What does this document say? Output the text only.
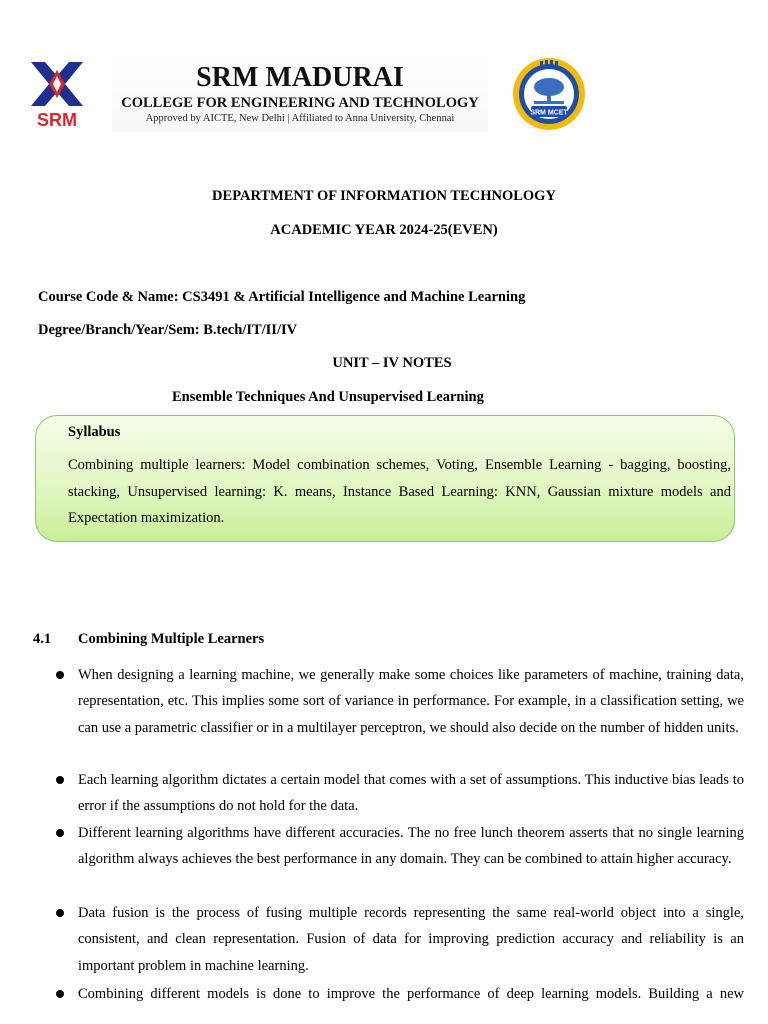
SRM
SRM MADURAI
COLLEGE FOR ENGINEERING AND TECHNOLOGY
Approved by AICTE, New Delhi | Affiliated to Anna University, Chennai	SRM MCET
DEPARTMENT OF INFORMATION TECHNOLOGY
ACADEMIC YEAR 2024-25(EVEN)
Course Code & Name: CS3491 & Artificial Intelligence and Machine Learning
Degree/Branch/Year/Sem: B.tech/IT/II/IV
UNIT – IV NOTES
Ensemble Techniques And Unsupervised Learning
Syllabus
Combining multiple learners: Model combination schemes, Voting, Ensemble Learning - bagging, boosting, stacking, Unsupervised learning: K. means, Instance Based Learning: KNN, Gaussian mixture models and Expectation maximization.
4.1 Combining Multiple Learners
When designing a learning machine, we generally make some choices like parameters of machine, training data, representation, etc. This implies some sort of variance in performance. For example, in a classification setting, we can use a parametric classifier or in a multilayer perceptron, we should also decide on the number of hidden units.
Each learning algorithm dictates a certain model that comes with a set of assumptions. This inductive bias leads to error if the assumptions do not hold for the data.
Different learning algorithms have different accuracies. The no free lunch theorem asserts that no single learning algorithm always achieves the best performance in any domain. They can be combined to attain higher accuracy.
Data fusion is the process of fusing multiple records representing the same real-world object into a single, consistent, and clean representation. Fusion of data for improving prediction accuracy and reliability is an important problem in machine learning.
Combining different models is done to improve the performance of deep learning models. Building a new
